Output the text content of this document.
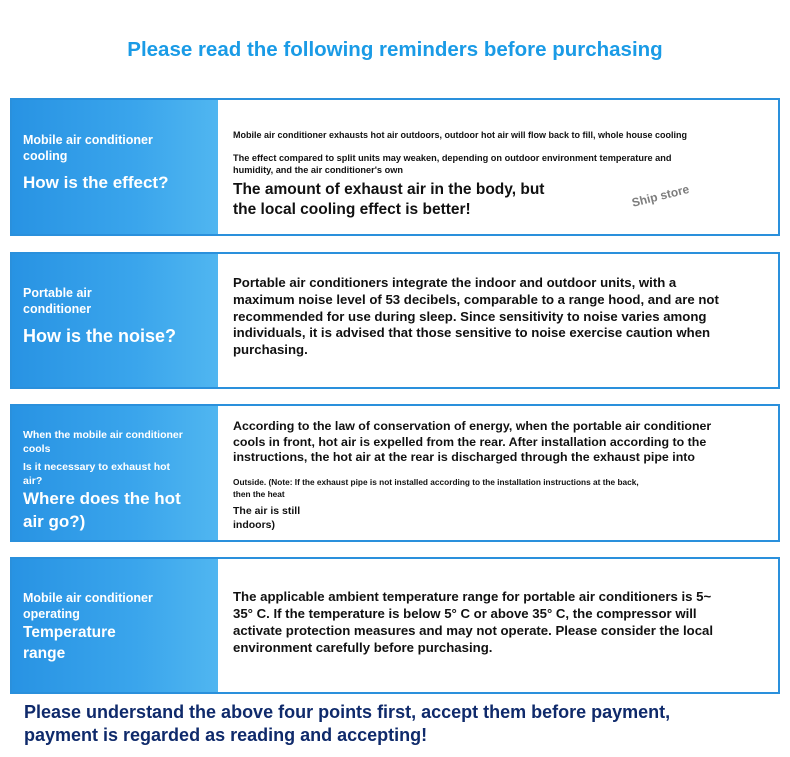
Please read the following reminders before purchasing
Mobile air conditioner
cooling
How is the effect?
Mobile air conditioner exhausts hot air outdoors, outdoor hot air will flow back to fill, whole house cooling
The effect compared to split units may weaken, depending on outdoor environment temperature and
humidity, and the air conditioner's own
The amount of exhaust air in the body, but
the local cooling effect is better!
Portable air
conditioner
How is the noise?
Portable air conditioners integrate the indoor and outdoor units, with a
maximum noise level of 53 decibels, comparable to a range hood, and are not
recommended for use during sleep. Since sensitivity to noise varies among
individuals, it is advised that those sensitive to noise exercise caution when
purchasing.
When the mobile air conditioner
cools
Is it necessary to exhaust hot
air?
Where does the hot
air go?)
According to the law of conservation of energy, when the portable air conditioner
cools in front, hot air is expelled from the rear. After installation according to the
instructions, the hot air at the rear is discharged through the exhaust pipe into
Outside. (Note: If the exhaust pipe is not installed according to the installation instructions at the back,
then the heat
The air is still
indoors)
Mobile air conditioner
operating
Temperature
range
The applicable ambient temperature range for portable air conditioners is 5~
35° C. If the temperature is below 5° C or above 35° C, the compressor will
activate protection measures and may not operate. Please consider the local
environment carefully before purchasing.
Ship store
Please understand the above four points first, accept them before payment,
payment is regarded as reading and accepting!
